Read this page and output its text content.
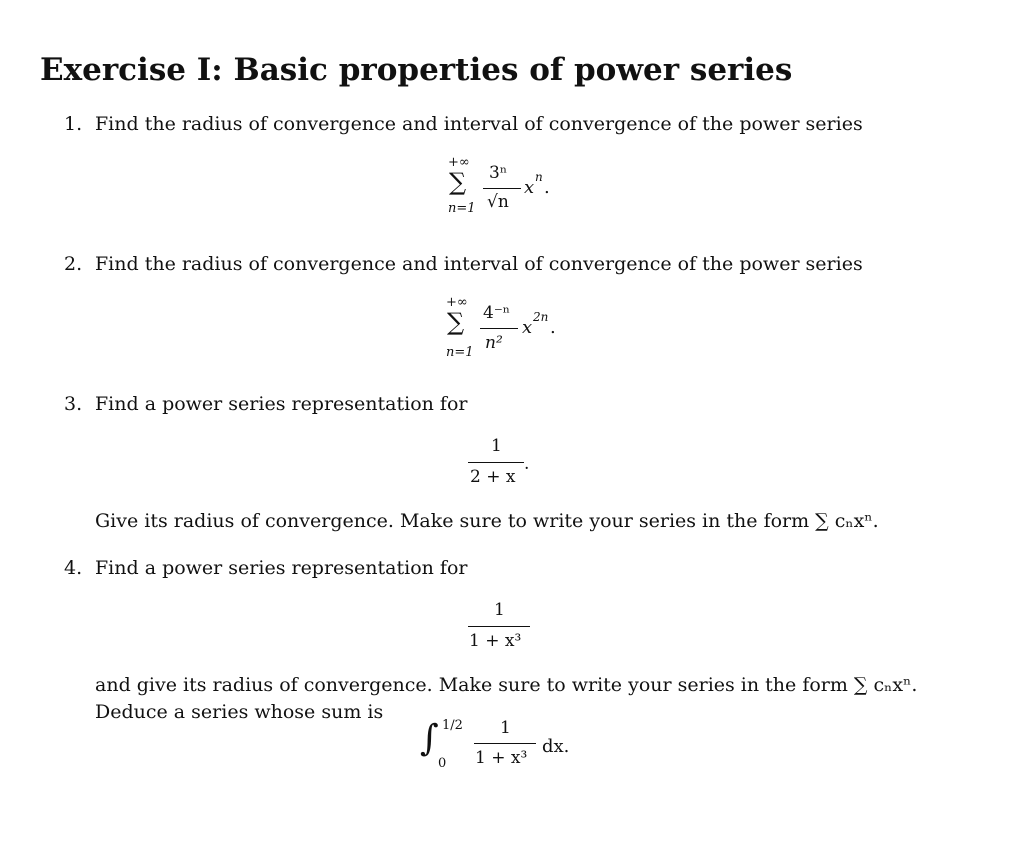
Exercise I: Basic properties of power series
1. Find the radius of convergence and interval of convergence of the power series
+∞
∑
n=1
3ⁿ
√n
x n .
2. Find the radius of convergence and interval of convergence of the power series
+∞
∑
n=1
4⁻ⁿ
n²
x 2n .
3. Find a power series representation for
1
2 + x
.
Give its radius of convergence. Make sure to write your series in the form ∑ cₙxⁿ.
4. Find a power series representation for
1
1 + x³
and give its radius of convergence. Make sure to write your series in the form ∑ cₙxⁿ.
Deduce a series whose sum is
∫ 1/2
0
1
1 + x³
dx.
